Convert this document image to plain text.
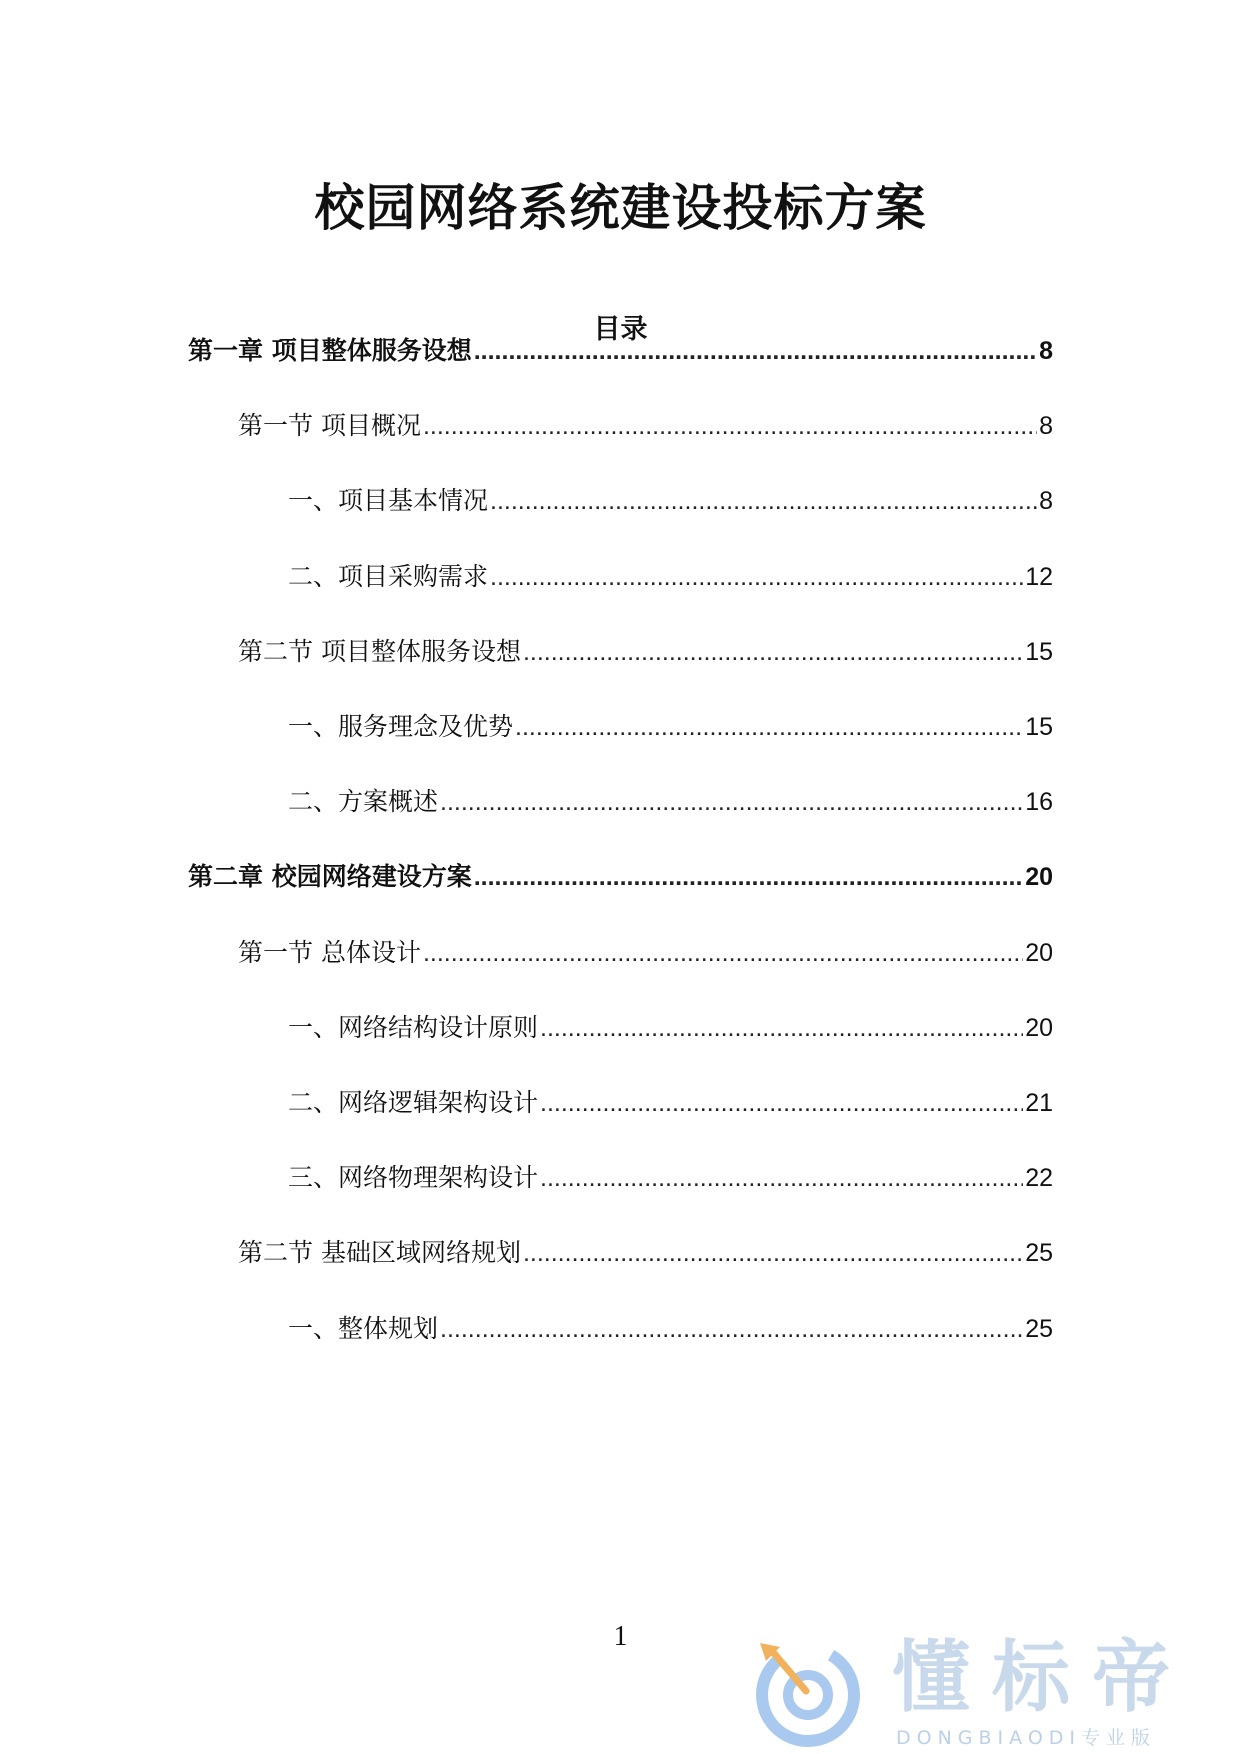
校园网络系统建设投标方案
目录
第一章 项目整体服务设想 .....	8
第一节 项目概况 .....	8
一、项目基本情况 .....	8
二、项目采购需求 .....	12
第二节 项目整体服务设想 .....	15
一、服务理念及优势 .....	15
二、方案概述 .....	16
第二章 校园网络建设方案 .....	20
第一节 总体设计 .....	20
一、网络结构设计原则 .....	20
二、网络逻辑架构设计 .....	21
三、网络物理架构设计 .....	22
第二节 基础区域网络规划 .....	25
一、整体规划 .....	25
1	懂标帝
DONGBIAODI专业版
